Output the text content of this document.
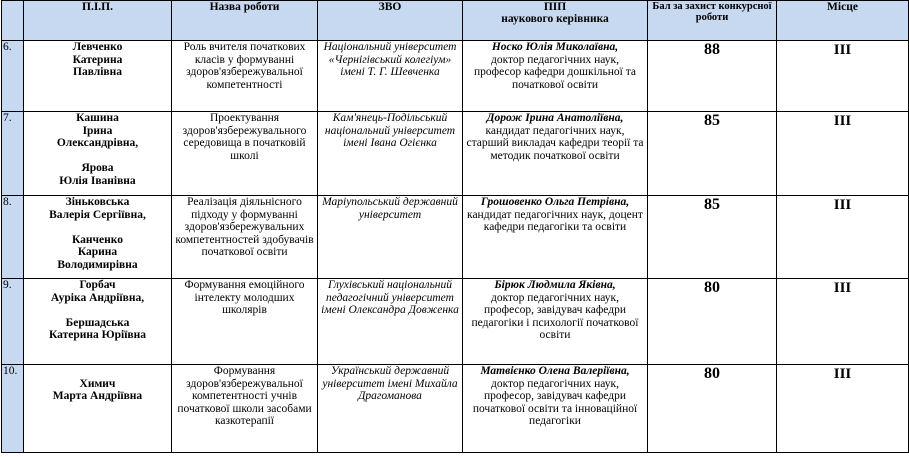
	П.І.П.	Назва роботи	ЗВО	ПІП
наукового керівника	Бал за захист конкурсної роботи	Місце
6.	Левченко
Катерина
Павлівна	Роль вчителя початкових класів у формуванні здоров'язбережувальної компетентності	Національний університет «Чернігівський колегіум» імені Т. Г. Шевченка	Носко Юлія Миколаївна,
доктор педагогічних наук, професор кафедри дошкільної та початкової освіти	88	ІІІ
7.	Кашина
Ірина
Олександрівна,
Ярова
Юлія Іванівна	Проектування здоров'язбережувального середовища в початковій школі	Кам'янець-Подільський національний університет імені Івана Огієнка	Дорож Ірина Анатоліївна,
кандидат педагогічних наук, старший викладач кафедри теорії та методик початкової освіти	85	ІІІ
8.	Зіньковська
Валерія Сергіївна,
Канченко
Карина
Володимирівна	Реалізація діяльнісного підходу у формуванні здоров'язбережувальних компетентностей здобувачів початкової освіти	Маріупольський державний університет	Грошовенко Ольга Петрівна,
кандидат педагогічних наук, доцент кафедри педагогіки та освіти	85	ІІІ
9.	Горбач
Ауріка Андріївна,
Бершадська
Катерина Юріївна	Формування емоційного інтелекту молодших школярів	Глухівський національний педагогічний університет імені Олександра Довженка	Бірюк Людмила Яківна,
доктор педагогічних наук, професор, завідувач кафедри педагогіки і психології початкової освіти	80	ІІІ
10.	Химич
Марта Андріївна	Формування здоров'язбережувальної компетентності учнів початкової школи засобами казкотерапії	Український державний університет імені Михайла Драгоманова	Матвієнко Олена Валеріївна,
доктор педагогічних наук, професор, завідувач кафедри початкової освіти та інноваційної педагогіки	80	ІІІ
